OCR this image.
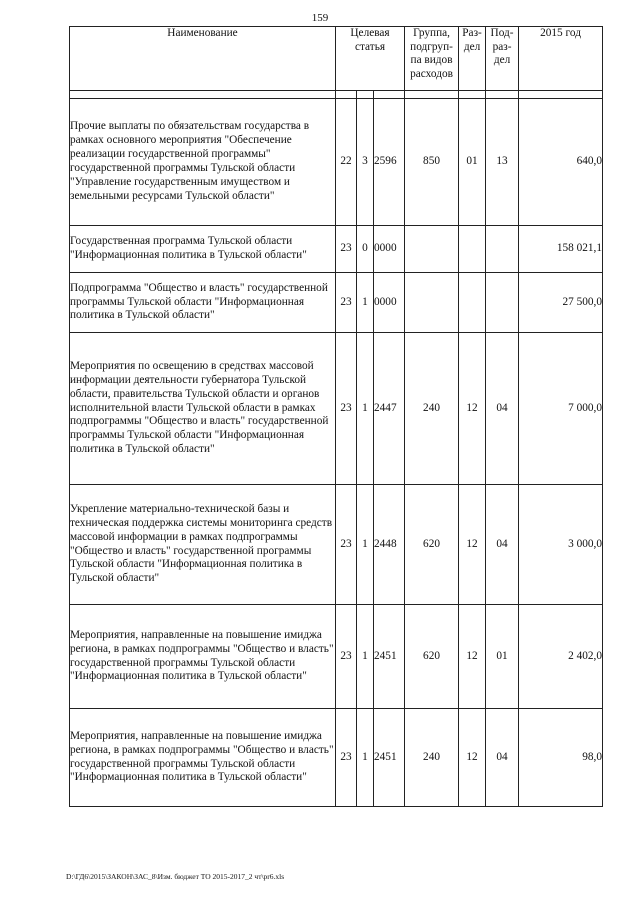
159
Наименование	Целевая статья			Группа, подгруп-па видов расходов	Раз-дел	Под-раз-дел	2015 год

Прочие выплаты по обязательствам государства в рамках основного мероприятия "Обеспечение реализации государственной программы" государственной программы Тульской области "Управление государственным имуществом и земельными ресурсами Тульской области"	22	3	2596	850	01	13	640,0
Государственная программа Тульской области "Информационная политика в Тульской области"	23	0	0000				158 021,1
Подпрограмма "Общество и власть" государственной программы Тульской области "Информационная политика в Тульской области"	23	1	0000				27 500,0
Мероприятия по освещению в средствах массовой информации деятельности губернатора Тульской области, правительства Тульской области и органов исполнительной власти Тульской области в рамках подпрограммы "Общество и власть" государственной программы Тульской области "Информационная политика в Тульской области"	23	1	2447	240	12	04	7 000,0
Укрепление материально-технической базы и техническая поддержка системы мониторинга средств массовой информации в рамках подпрограммы "Общество и власть" государственной программы Тульской области "Информационная политика в Тульской области"	23	1	2448	620	12	04	3 000,0
Мероприятия, направленные на повышение имиджа региона, в рамках подпрограммы "Общество и власть" государственной программы Тульской области "Информационная политика в Тульской области"	23	1	2451	620	12	01	2 402,0
Мероприятия, направленные на повышение имиджа региона, в рамках подпрограммы "Общество и власть" государственной программы Тульской области "Информационная политика в Тульской области"	23	1	2451	240	12	04	98,0
D:\ГД6\2015\ЗАКОН\ЗАС_8\Изм. бюджет ТО 2015-2017_2 чт\pr6.xls
